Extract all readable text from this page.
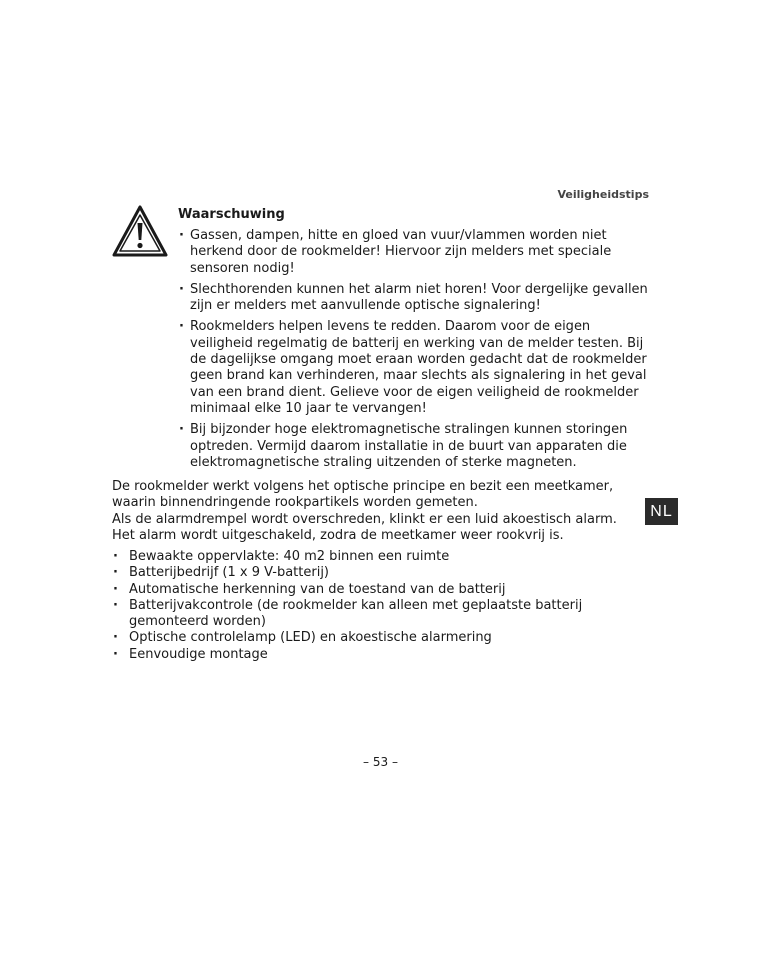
Veiligheidstips
Waarschuwing
· Gassen, dampen, hitte en gloed van vuur/vlammen worden niet herkend door de rookmelder! Hiervoor zijn melders met speciale sensoren nodig!
· Slechthorenden kunnen het alarm niet horen! Voor dergelijke gevallen zijn er melders met aanvullende optische signalering!
· Rookmelders helpen levens te redden. Daarom voor de eigen veiligheid regelmatig de batterij en werking van de melder testen. Bij de dagelijkse omgang moet eraan worden gedacht dat de rookmelder geen brand kan verhinderen, maar slechts als signalering in het geval van een brand dient. Gelieve voor de eigen veiligheid de rookmelder minimaal elke 10 jaar te vervangen!
· Bij bijzonder hoge elektromagnetische stralingen kunnen storingen optreden. Vermijd daarom installatie in de buurt van apparaten die elektromagnetische straling uitzenden of sterke magneten.

De rookmelder werkt volgens het optische principe en bezit een meetkamer, waarin binnendringende rookpartikels worden gemeten.

Als de alarmdrempel wordt overschreden, klinkt er een luid akoestisch alarm.

Het alarm wordt uitgeschakeld, zodra de meetkamer weer rookvrij is.

· Bewaakte oppervlakte: 40 m2 binnen een ruimte
· Batterijbedrijf (1 x 9 V-batterij)
· Automatische herkenning van de toestand van de batterij
· Batterijvakcontrole (de rookmelder kan alleen met geplaatste batterij gemonteerd worden)
· Optische controlelamp (LED) en akoestische alarmering
· Eenvoudige montage
NL
– 53 –
